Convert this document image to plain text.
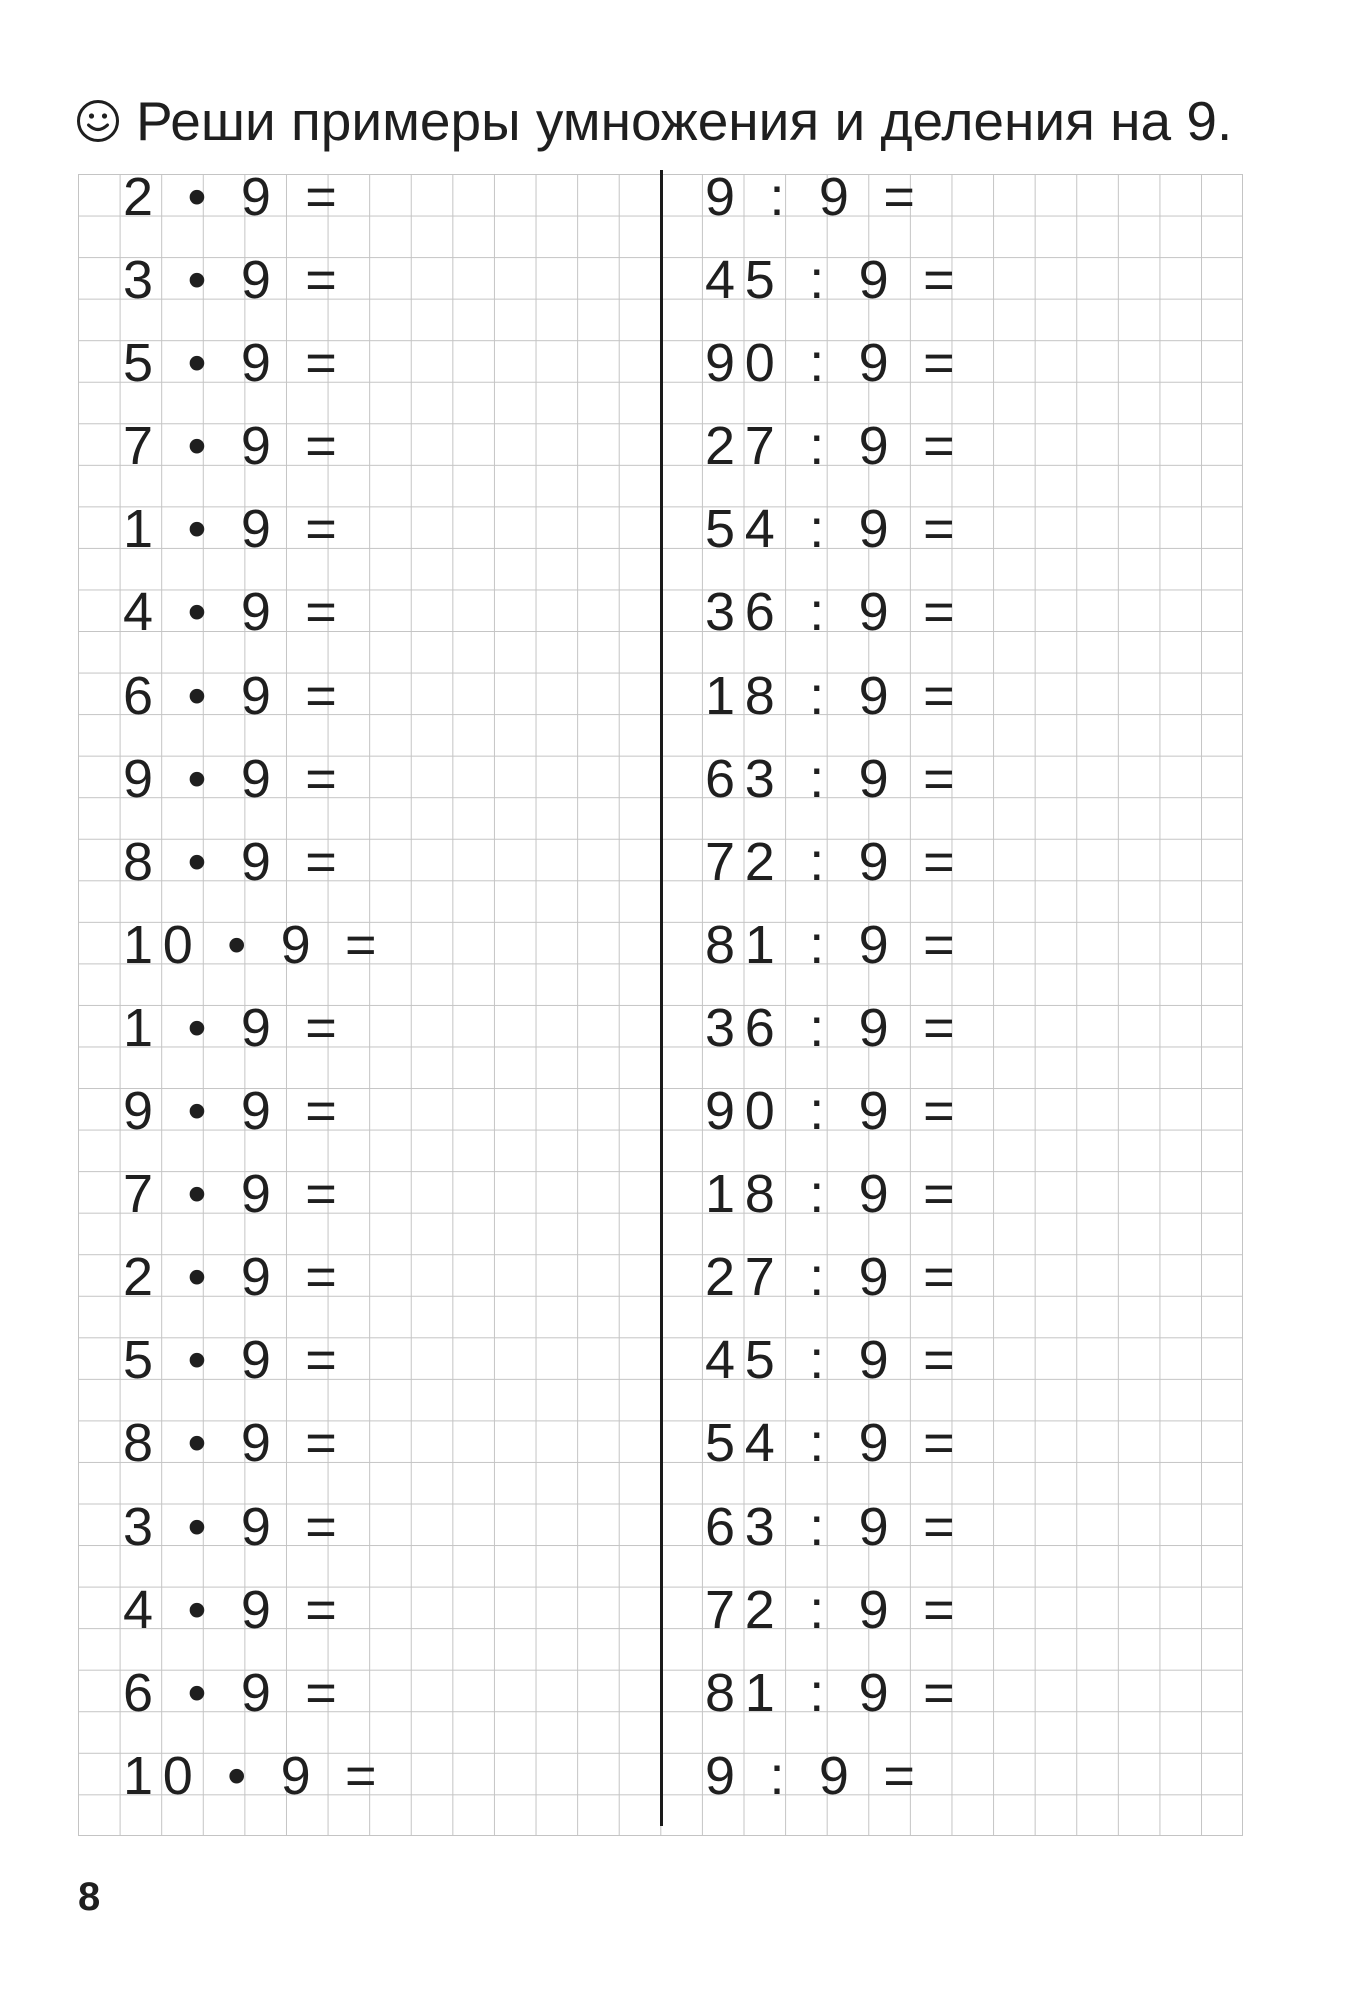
Реши примеры умножения и деления на 9.
2 • 9 =
3 • 9 =
5 • 9 =
7 • 9 =
1 • 9 =
4 • 9 =
6 • 9 =
9 • 9 =
8 • 9 =
10 • 9 =
1 • 9 =
9 • 9 =
7 • 9 =
2 • 9 =
5 • 9 =
8 • 9 =
3 • 9 =
4 • 9 =
6 • 9 =
10 • 9 =
9 : 9 =
45 : 9 =
90 : 9 =
27 : 9 =
54 : 9 =
36 : 9 =
18 : 9 =
63 : 9 =
72 : 9 =
81 : 9 =
36 : 9 =
90 : 9 =
18 : 9 =
27 : 9 =
45 : 9 =
54 : 9 =
63 : 9 =
72 : 9 =
81 : 9 =
9 : 9 =
8
